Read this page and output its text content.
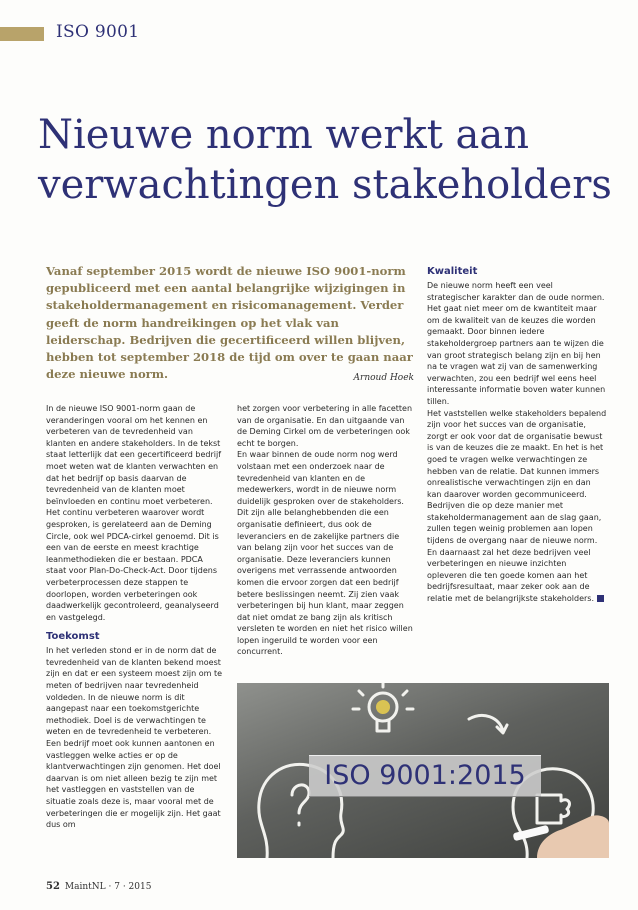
ISO 9001
Nieuwe norm werkt aan
verwachtingen stakeholders

Vanaf september 2015 wordt de nieuwe ISO 9001-norm gepubliceerd met een aantal belangrijke wijzigingen in stakeholdermanagement en risicomanagement. Verder geeft de norm handreikingen op het vlak van leiderschap. Bedrijven die gecertificeerd willen blijven, hebben tot september 2018 de tijd om over te gaan naar deze nieuwe norm.	Arnoud Hoek

In de nieuwe ISO 9001-norm gaan de veranderingen vooral om het kennen en verbeteren van de tevredenheid van klanten en andere stakeholders. In de tekst staat letterlijk dat een gecertificeerd bedrijf moet weten wat de klanten verwachten en dat het bedrijf op basis daarvan de tevredenheid van de klanten moet beïnvloeden en continu moet verbeteren.

Het continu verbeteren waarover wordt gesproken, is gerelateerd aan de Deming Circle, ook wel PDCA-cirkel genoemd. Dit is een van de eerste en meest krachtige leanmethodieken die er bestaan. PDCA staat voor Plan-Do-Check-Act. Door tijdens verbeterprocessen deze stappen te doorlopen, worden verbeteringen ook daadwerkelijk gecontroleerd, geanalyseerd en vastgelegd.

Toekomst

In het verleden stond er in de norm dat de tevredenheid van de klanten bekend moest zijn en dat er een systeem moest zijn om te meten of bedrijven naar tevredenheid voldeden. In de nieuwe norm is dit aangepast naar een toekomstgerichte methodiek. Doel is de verwachtingen te weten en de tevredenheid te verbeteren.

Een bedrijf moet ook kunnen aantonen en vastleggen welke acties er op de klantverwachtingen zijn genomen. Het doel daarvan is om niet alleen bezig te zijn met het vastleggen en vaststellen van de situatie zoals deze is, maar vooral met de verbeteringen die er mogelijk zijn. Het gaat dus om

het zorgen voor verbetering in alle facetten van de organisatie. En dan uitgaande van de Deming Cirkel om de verbeteringen ook echt te borgen.

En waar binnen de oude norm nog werd volstaan met een onderzoek naar de tevredenheid van klanten en de medewerkers, wordt in de nieuwe norm duidelijk gesproken over de stakeholders. Dit zijn alle belanghebbenden die een organisatie definieert, dus ook de leveranciers en de zakelijke partners die van belang zijn voor het succes van de organisatie. Deze leveranciers kunnen overigens met verrassende antwoorden komen die ervoor zorgen dat een bedrijf betere beslissingen neemt. Zij zien vaak verbeteringen bij hun klant, maar zeggen dat niet omdat ze bang zijn als kritisch versleten te worden en niet het risico willen lopen ingeruild te worden voor een concurrent.

Kwaliteit

De nieuwe norm heeft een veel strategischer karakter dan de oude normen. Het gaat niet meer om de kwantiteit maar om de kwaliteit van de keuzes die worden gemaakt. Door binnen iedere stakeholdergroep partners aan te wijzen die van groot strategisch belang zijn en bij hen na te vragen wat zij van de samenwerking verwachten, zou een bedrijf wel eens heel interessante informatie boven water kunnen tillen.

Het vaststellen welke stakeholders bepalend zijn voor het succes van de organisatie, zorgt er ook voor dat de organisatie bewust is van de keuzes die ze maakt. En het is het goed te vragen welke verwachtingen ze hebben van de relatie. Dat kunnen immers onrealistische verwachtingen zijn en dan kan daarover worden gecommuniceerd.

Bedrijven die op deze manier met stakeholdermanagement aan de slag gaan, zullen tegen weinig problemen aan lopen tijdens de overgang naar de nieuwe norm.

En daarnaast zal het deze bedrijven veel verbeteringen en nieuwe inzichten opleveren die ten goede komen aan het bedrijfsresultaat, maar zeker ook aan de relatie met de belangrijkste stakeholders.

ISO 9001:2015
52 MaintNL · 7 · 2015
